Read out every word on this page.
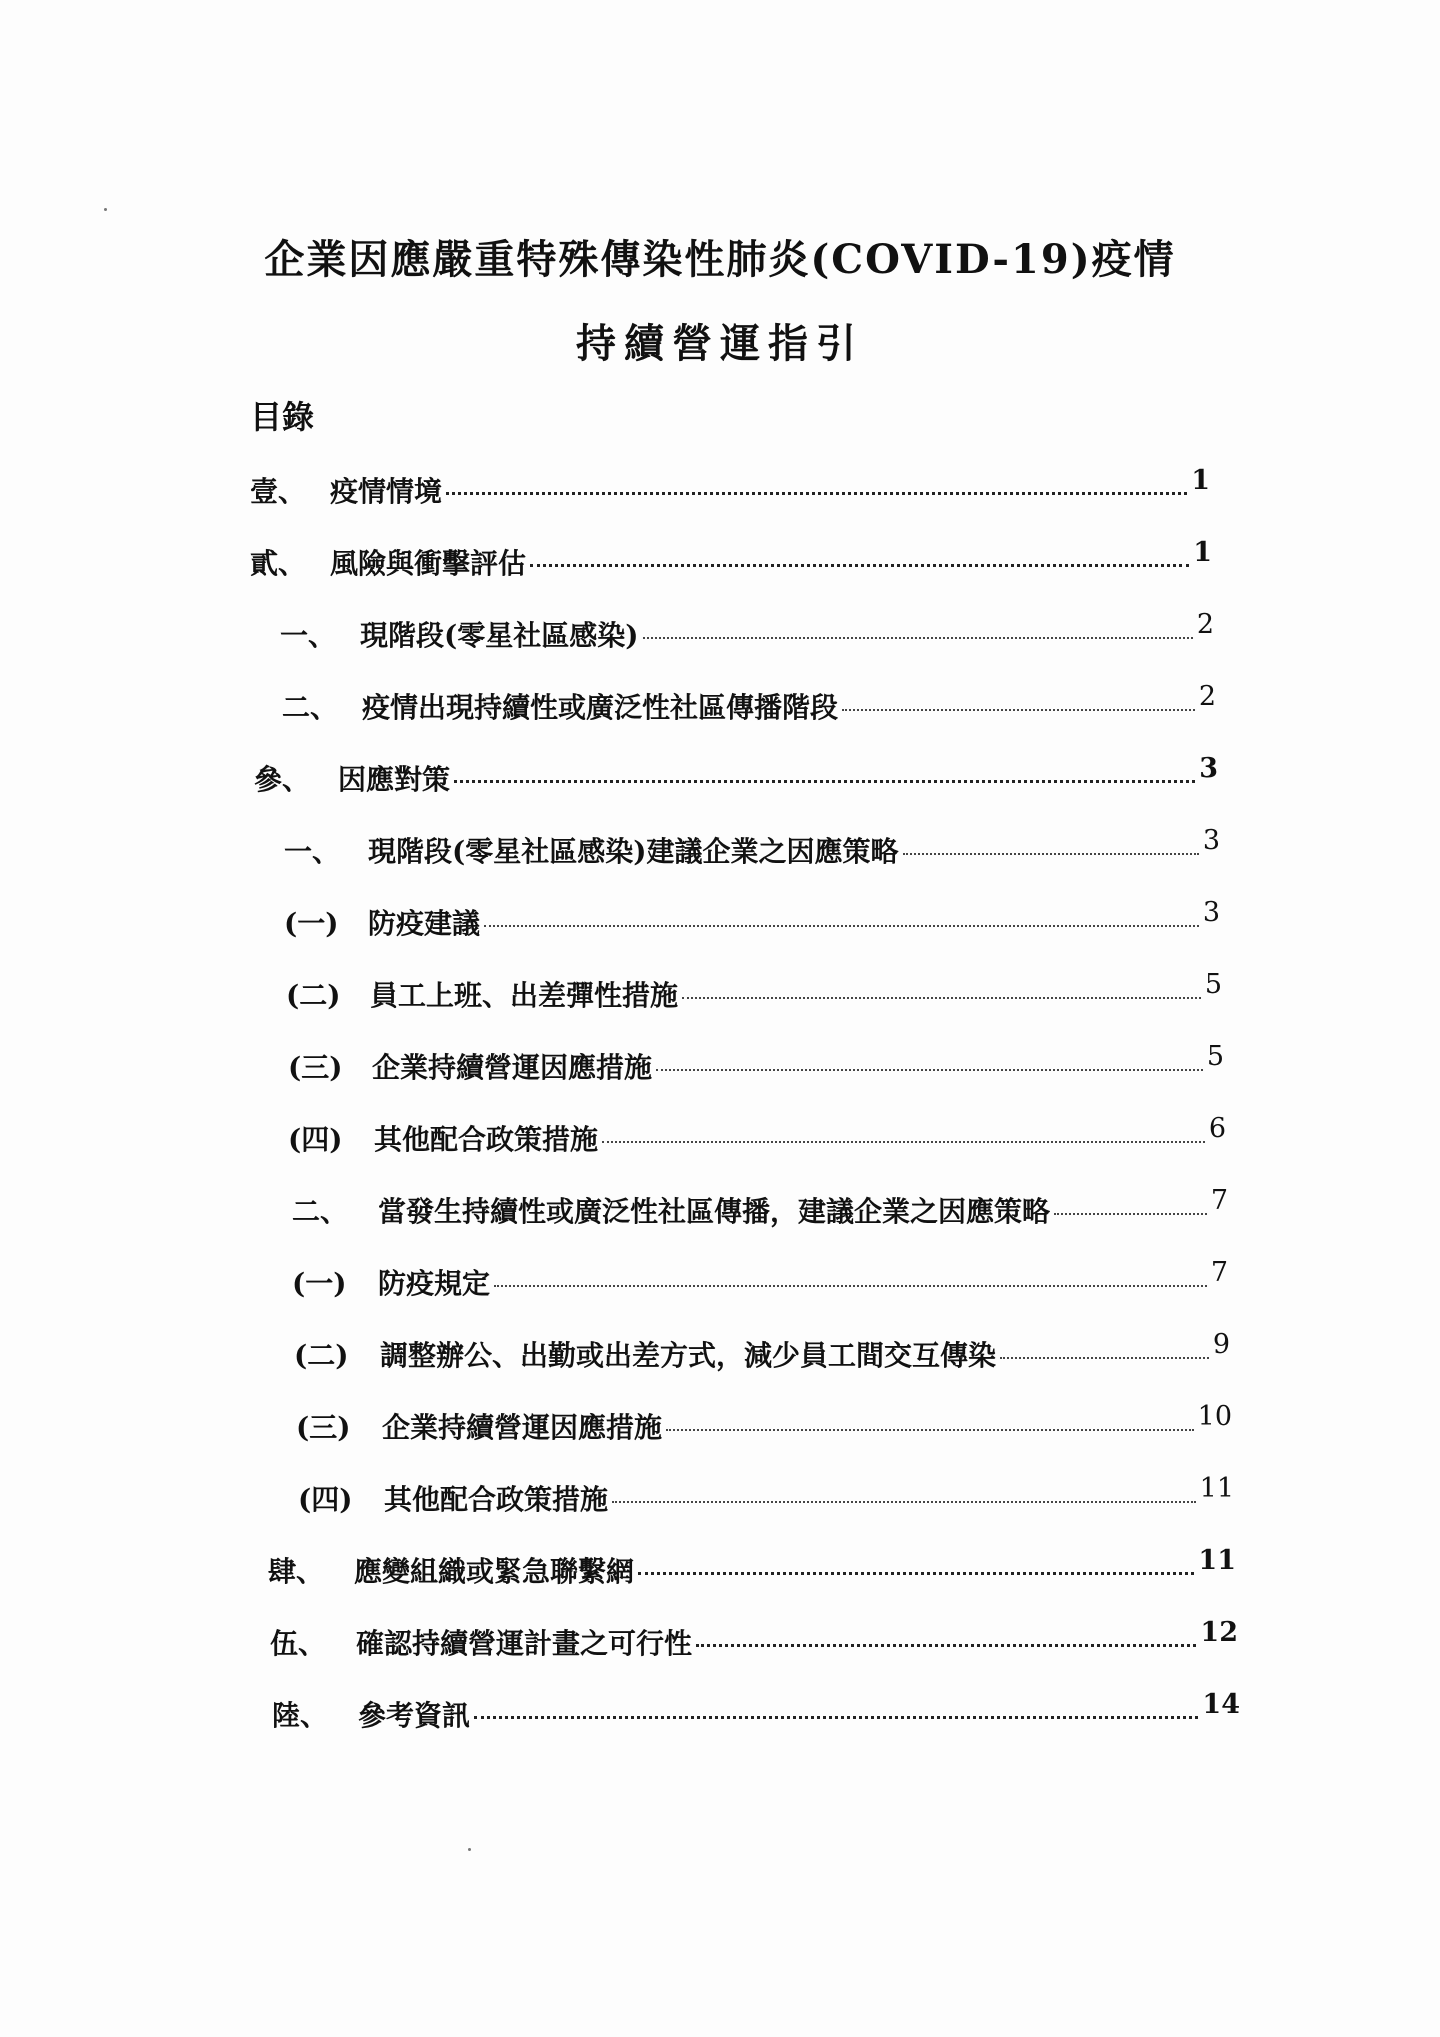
企業因應嚴重特殊傳染性肺炎(COVID-19)疫情
持續營運指引
目錄
壹、 疫情情境	1
貳、 風險與衝擊評估	1
一、 現階段(零星社區感染)	2
二、 疫情出現持續性或廣泛性社區傳播階段	2
參、 因應對策	3
一、 現階段(零星社區感染)建議企業之因應策略	3
(一)	防疫建議	3
(二)	員工上班、出差彈性措施	5
(三)	企業持續營運因應措施	5
(四)	其他配合政策措施	6
二、	當發生持續性或廣泛性社區傳播，建議企業之因應策略	7
(一)	防疫規定	7
(二)	調整辦公、出勤或出差方式，減少員工間交互傳染	9
(三)	企業持續營運因應措施	10
(四)	其他配合政策措施	11
肆、	應變組織或緊急聯繫網	11
伍、	確認持續營運計畫之可行性	12
陸、	參考資訊	14
